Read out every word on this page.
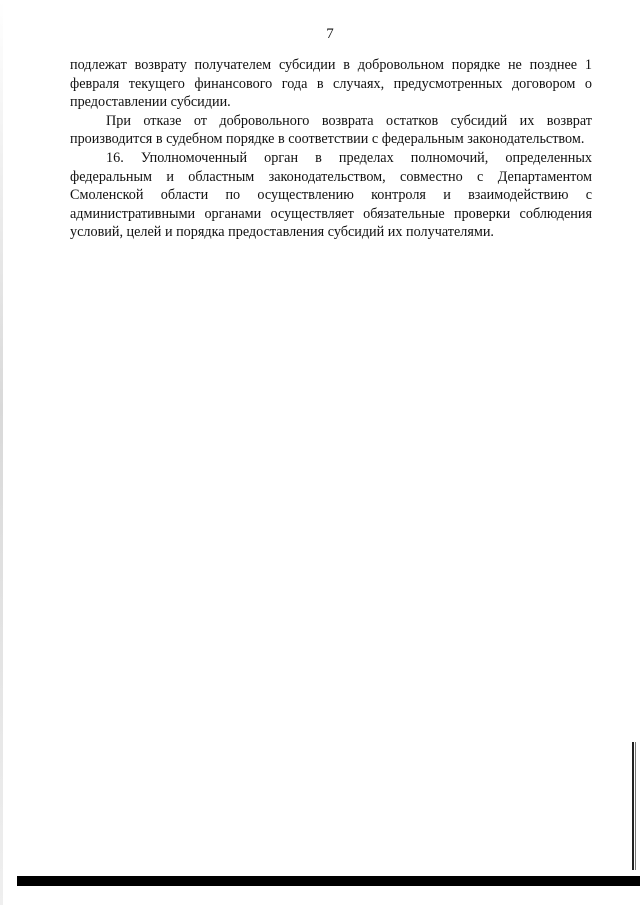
7

подлежат возврату получателем субсидии в добровольном порядке не позднее 1 февраля текущего финансового года в случаях, предусмотренных договором о предоставлении субсидии.

При отказе от добровольного возврата остатков субсидий их возврат производится в судебном порядке в соответствии с федеральным законодательством.

16. Уполномоченный орган в пределах полномочий, определенных федеральным и областным законодательством, совместно с Департаментом Смоленской области по осуществлению контроля и взаимодействию с административными органами осуществляет обязательные проверки соблюдения условий, целей и порядка предоставления субсидий их получателями.
